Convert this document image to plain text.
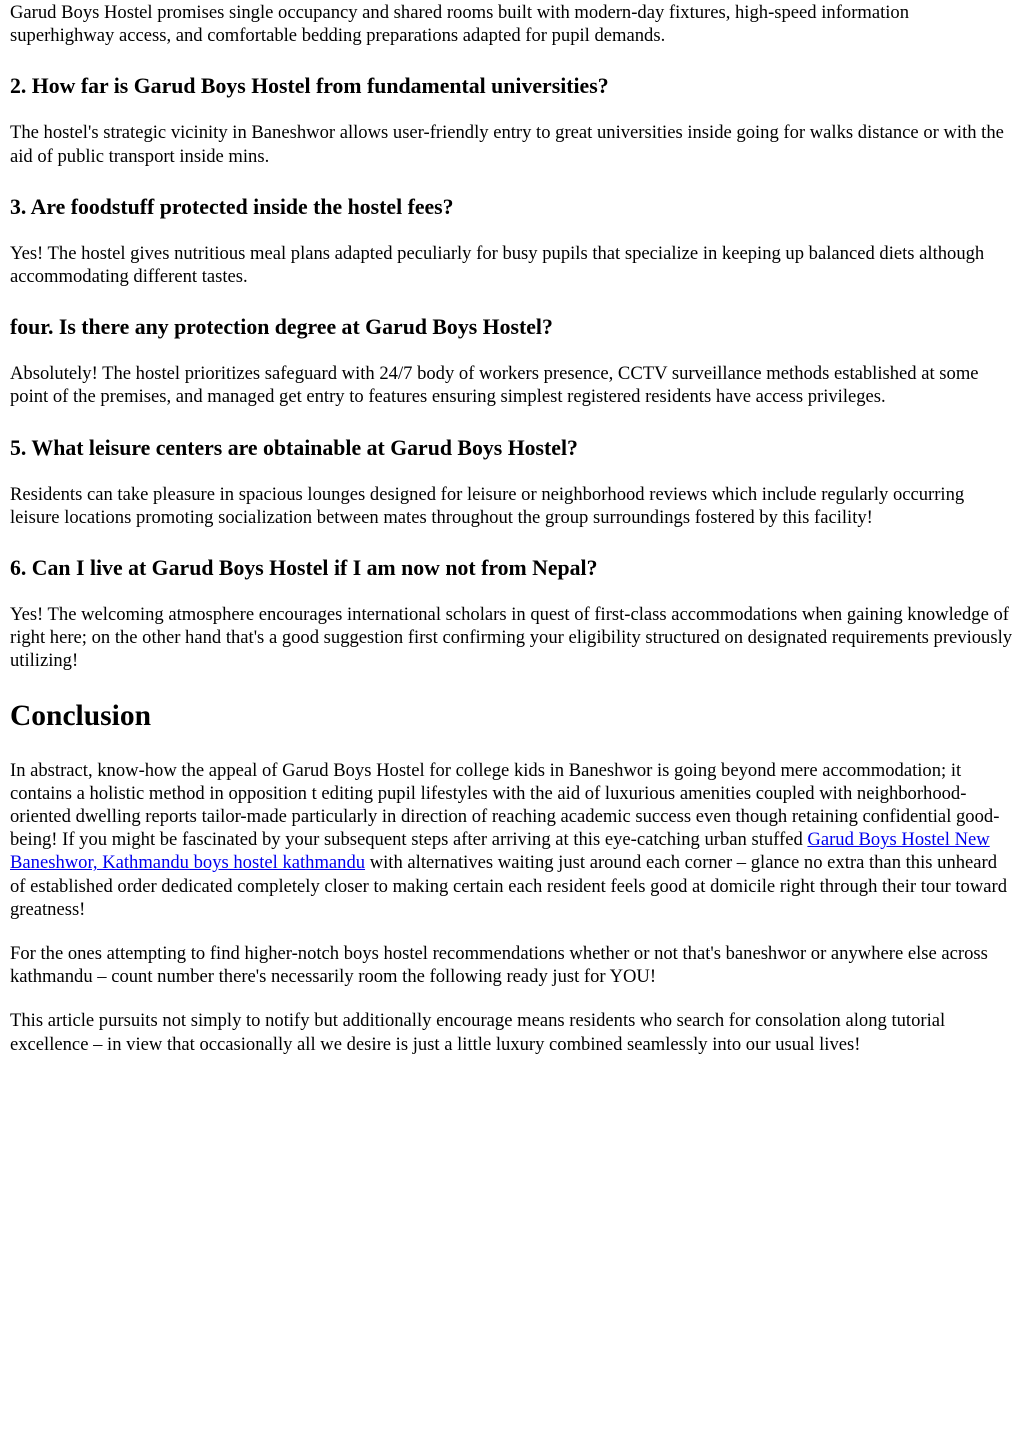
Garud Boys Hostel promises single occupancy and shared rooms built with modern-day fixtures, high-speed information superhighway access, and comfortable bedding preparations adapted for pupil demands.

2. How far is Garud Boys Hostel from fundamental universities?

The hostel's strategic vicinity in Baneshwor allows user-friendly entry to great universities inside going for walks distance or with the aid of public transport inside mins.

3. Are foodstuff protected inside the hostel fees?

Yes! The hostel gives nutritious meal plans adapted peculiarly for busy pupils that specialize in keeping up balanced diets although accommodating different tastes.

four. Is there any protection degree at Garud Boys Hostel?

Absolutely! The hostel prioritizes safeguard with 24/7 body of workers presence, CCTV surveillance methods established at some point of the premises, and managed get entry to features ensuring simplest registered residents have access privileges.

5. What leisure centers are obtainable at Garud Boys Hostel?

Residents can take pleasure in spacious lounges designed for leisure or neighborhood reviews which include regularly occurring leisure locations promoting socialization between mates throughout the group surroundings fostered by this facility!

6. Can I live at Garud Boys Hostel if I am now not from Nepal?

Yes! The welcoming atmosphere encourages international scholars in quest of first-class accommodations when gaining knowledge of right here; on the other hand that's a good suggestion first confirming your eligibility structured on designated requirements previously utilizing!

Conclusion

In abstract, know-how the appeal of Garud Boys Hostel for college kids in Baneshwor is going beyond mere accommodation; it contains a holistic method in opposition t editing pupil lifestyles with the aid of luxurious amenities coupled with neighborhood-oriented dwelling reports tailor-made particularly in direction of reaching academic success even though retaining confidential good-being! If you might be fascinated by your subsequent steps after arriving at this eye-catching urban stuffed Garud Boys Hostel New Baneshwor, Kathmandu boys hostel kathmandu with alternatives waiting just around each corner – glance no extra than this unheard of established order dedicated completely closer to making certain each resident feels good at domicile right through their tour toward greatness!

For the ones attempting to find higher-notch boys hostel recommendations whether or not that's baneshwor or anywhere else across kathmandu – count number there's necessarily room the following ready just for YOU!

This article pursuits not simply to notify but additionally encourage means residents who search for consolation along tutorial excellence – in view that occasionally all we desire is just a little luxury combined seamlessly into our usual lives!
